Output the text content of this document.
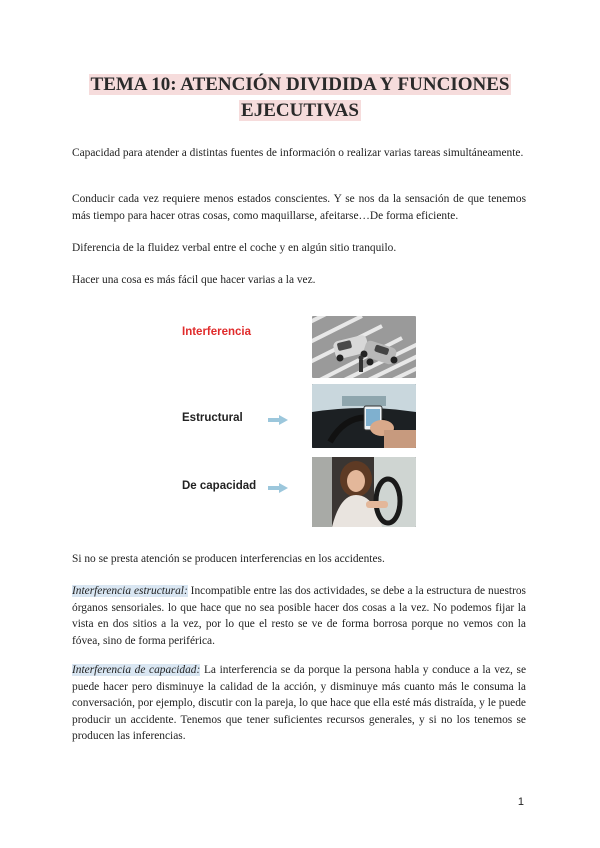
TEMA 10: ATENCIÓN DIVIDIDA Y FUNCIONES
EJECUTIVAS
Capacidad para atender a distintas fuentes de información o realizar varias tareas simultáneamente.
Conducir cada vez requiere menos estados conscientes. Y se nos da la sensación de que tenemos más tiempo para hacer otras cosas, como maquillarse, afeitarse…De forma eficiente.
Diferencia de la fluidez verbal entre el coche y en algún sitio tranquilo.
Hacer una cosa es más fácil que hacer varias a la vez.
Interferencia
Estructural
De capacidad
Si no se presta atención se producen interferencias en los accidentes.
Interferencia estructural: Incompatible entre las dos actividades, se debe a la estructura de nuestros órganos sensoriales. lo que hace que no sea posible hacer dos cosas a la vez. No podemos fijar la vista en dos sitios a la vez, por lo que el resto se ve de forma borrosa porque no vemos con la fóvea, sino de forma periférica.
Interferencia de capacidad: La interferencia se da porque la persona habla y conduce a la vez, se puede hacer pero disminuye la calidad de la acción, y disminuye más cuanto más le consuma la conversación, por ejemplo, discutir con la pareja, lo que hace que ella esté más distraída, y le puede producir un accidente. Tenemos que tener suficientes recursos generales, y si no los tenemos se producen las inferencias.
1
